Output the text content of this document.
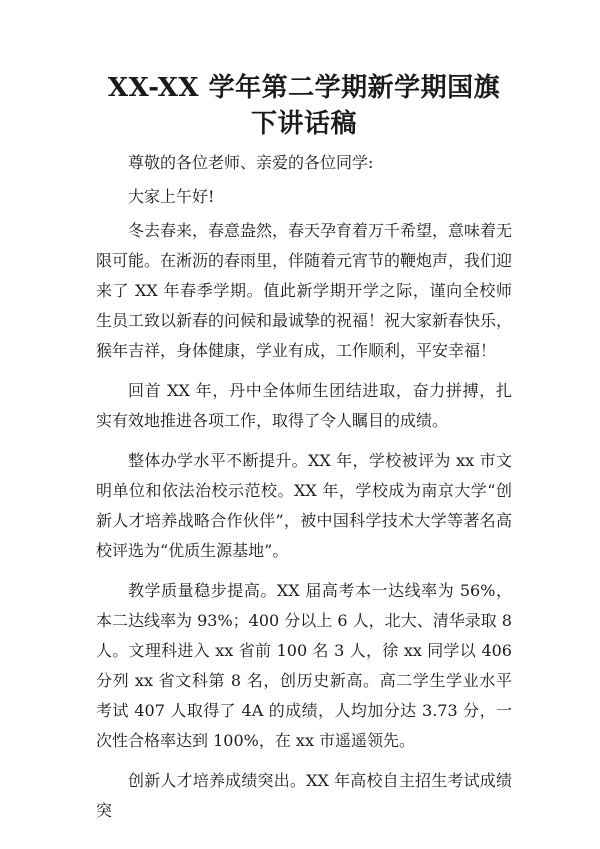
XX-XX 学年第二学期新学期国旗下讲话稿

尊敬的各位老师、亲爱的各位同学:

大家上午好!

冬去春来，春意盎然，春天孕育着万千希望，意味着无限可能。在淅沥的春雨里，伴随着元宵节的鞭炮声，我们迎来了 XX 年春季学期。值此新学期开学之际，谨向全校师生员工致以新春的问候和最诚挚的祝福！祝大家新春快乐，猴年吉祥，身体健康，学业有成，工作顺利，平安幸福！

回首 XX 年，丹中全体师生团结进取，奋力拼搏，扎实有效地推进各项工作，取得了令人瞩目的成绩。

整体办学水平不断提升。XX 年，学校被评为 xx 市文明单位和依法治校示范校。XX 年，学校成为南京大学“创新人才培养战略合作伙伴”，被中国科学技术大学等著名高校评选为“优质生源基地”。

教学质量稳步提高。XX 届高考本一达线率为 56%，本二达线率为 93%；400 分以上 6 人，北大、清华录取 8 人。文理科进入 xx 省前 100 名 3 人，徐 xx 同学以 406 分列 xx 省文科第 8 名，创历史新高。高二学生学业水平考试 407 人取得了 4A 的成绩，人均加分达 3.73 分，一次性合格率达到 100%，在 xx 市遥遥领先。

创新人才培养成绩突出。XX 年高校自主招生考试成绩突
